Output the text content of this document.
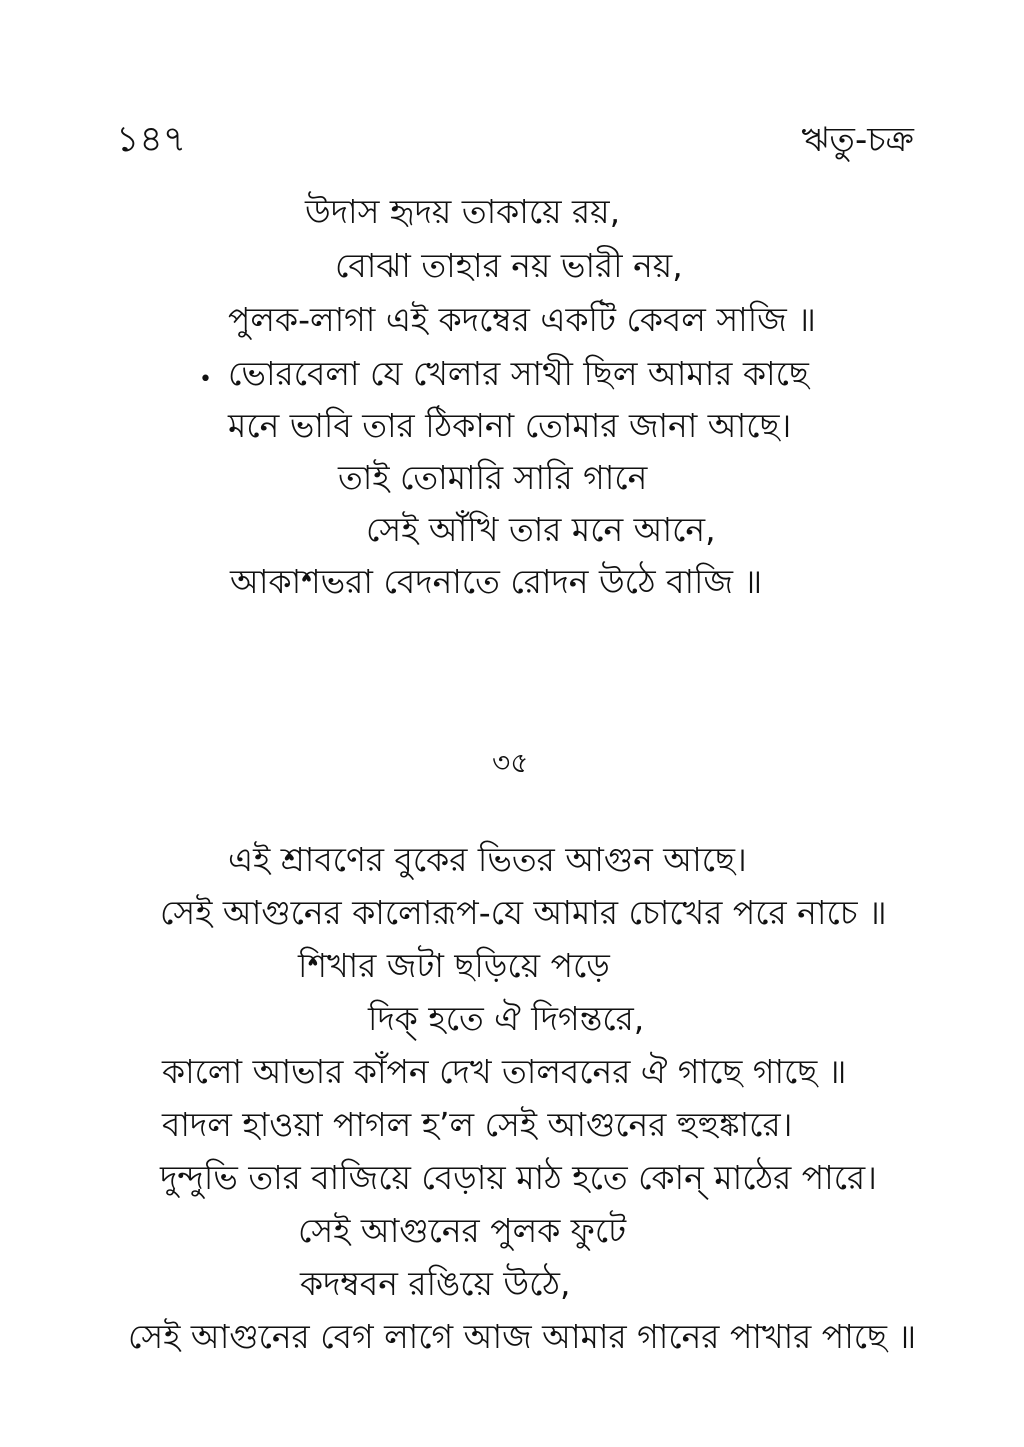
১৪৭	ঋতু-চক্র
উদাস হৃদয় তাকায়ে রয়,
বোঝা তাহার নয় ভারী নয়,
পুলক-লাগা এই কদম্বের একটি কেবল সাজি ॥
• ভোরবেলা যে খেলার সাথী ছিল আমার কাছে
মনে ভাবি তার ঠিকানা তোমার জানা আছে।
তাই তোমারি সারি গানে
সেই আঁখি তার মনে আনে,
আকাশভরা বেদনাতে রোদন উঠে বাজি ॥
৩৫
এই শ্রাবণের বুকের ভিতর আগুন আছে।
সেই আগুনের কালোরূপ-যে আমার চোখের পরে নাচে ॥
শিখার জটা ছড়িয়ে পড়ে
দিক্ হতে ঐ দিগন্তরে,
কালো আভার কাঁপন দেখ তালবনের ঐ গাছে গাছে ॥
বাদল হাওয়া পাগল হ’ল সেই আগুনের হুহুঙ্কারে।
দুন্দুভি তার বাজিয়ে বেড়ায় মাঠ হতে কোন্ মাঠের পারে।
সেই আগুনের পুলক ফুটে
কদম্ববন রঙিয়ে উঠে,
সেই আগুনের বেগ লাগে আজ আমার গানের পাখার পাছে ॥
